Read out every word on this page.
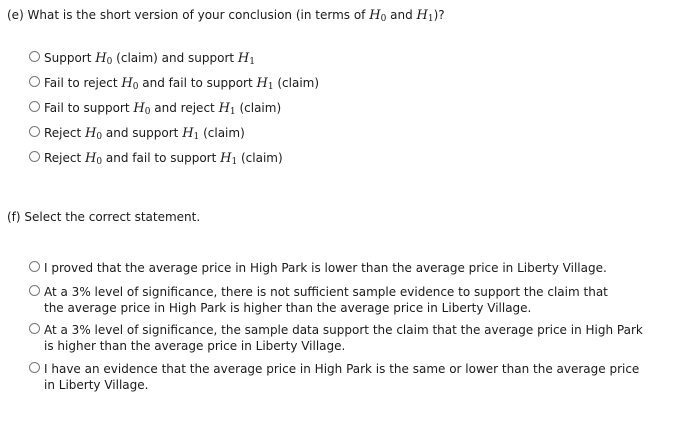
(e) What is the short version of your conclusion (in terms of $H_0$ and $H_1$)?
Support $H_0$ (claim) and support $H_1$
Fail to reject $H_0$ and fail to support $H_1$ (claim)
Fail to support $H_0$ and reject $H_1$ (claim)
Reject $H_0$ and support $H_1$ (claim)
Reject $H_0$ and fail to support $H_1$ (claim)
(f) Select the correct statement.
I proved that the average price in High Park is lower than the average price in Liberty Village.
At a 3% level of significance, there is not sufficient sample evidence to support the claim that the average price in High Park is higher than the average price in Liberty Village.
At a 3% level of significance, the sample data support the claim that the average price in High Park is higher than the average price in Liberty Village.
I have an evidence that the average price in High Park is the same or lower than the average price in Liberty Village.
